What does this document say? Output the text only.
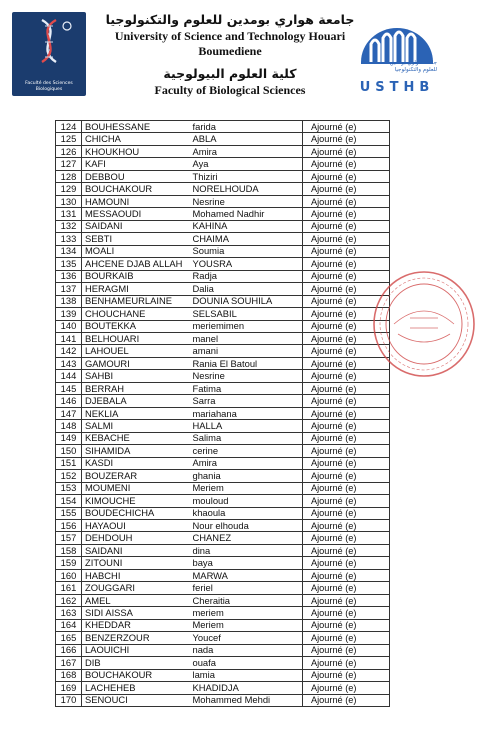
Faculté des Sciences Biologiques
جامعة هواري بومدين للعلوم والتكنولوجيا
University of Science and Technology Houari
Boumediene
كلية العلوم البيولوجية
Faculty of Biological Sciences
جامعة هواري بومدين للعلوم والتكنولوجيا
USTHB
124	BOUHESSANE	farida	Ajourné (e)
125	CHICHA	ABLA	Ajourné (e)
126	KHOUKHOU	Amira	Ajourné (e)
127	KAFI	Aya	Ajourné (e)
128	DEBBOU	Thiziri	Ajourné (e)
129	BOUCHAKOUR	NORELHOUDA	Ajourné (e)
130	HAMOUNI	Nesrine	Ajourné (e)
131	MESSAOUDI	Mohamed Nadhir	Ajourné (e)
132	SAIDANI	KAHINA	Ajourné (e)
133	SEBTI	CHAIMA	Ajourné (e)
134	MOALI	Soumia	Ajourné (e)
135	AHCENE DJAB ALLAH	YOUSRA	Ajourné (e)
136	BOURKAIB	Radja	Ajourné (e)
137	HERAGMI	Dalia	Ajourné (e)
138	BENHAMEURLAINE	DOUNIA SOUHILA	Ajourné (e)
139	CHOUCHANE	SELSABIL	Ajourné (e)
140	BOUTEKKA	meriemimen	Ajourné (e)
141	BELHOUARI	manel	Ajourné (e)
142	LAHOUEL	amani	Ajourné (e)
143	GAMOURI	Rania El Batoul	Ajourné (e)
144	SAHBI	Nesrine	Ajourné (e)
145	BERRAH	Fatima	Ajourné (e)
146	DJEBALA	Sarra	Ajourné (e)
147	NEKLIA	mariahana	Ajourné (e)
148	SALMI	HALLA	Ajourné (e)
149	KEBACHE	Salima	Ajourné (e)
150	SIHAMIDA	cerine	Ajourné (e)
151	KASDI	Amira	Ajourné (e)
152	BOUZERAR	ghania	Ajourné (e)
153	MOUMENI	Meriem	Ajourné (e)
154	KIMOUCHE	mouloud	Ajourné (e)
155	BOUDECHICHA	khaoula	Ajourné (e)
156	HAYAOUI	Nour elhouda	Ajourné (e)
157	DEHDOUH	CHANEZ	Ajourné (e)
158	SAIDANI	dina	Ajourné (e)
159	ZITOUNI	baya	Ajourné (e)
160	HABCHI	MARWA	Ajourné (e)
161	ZOUGGARI	feriel	Ajourné (e)
162	AMEL	Cheraitia	Ajourné (e)
163	SIDI AISSA	meriem	Ajourné (e)
164	KHEDDAR	Meriem	Ajourné (e)
165	BENZERZOUR	Youcef	Ajourné (e)
166	LAOUICHI	nada	Ajourné (e)
167	DIB	ouafa	Ajourné (e)
168	BOUCHAKOUR	lamia	Ajourné (e)
169	LACHEHEB	KHADIDJA	Ajourné (e)
170	SENOUCI	Mohammed Mehdi	Ajourné (e)
